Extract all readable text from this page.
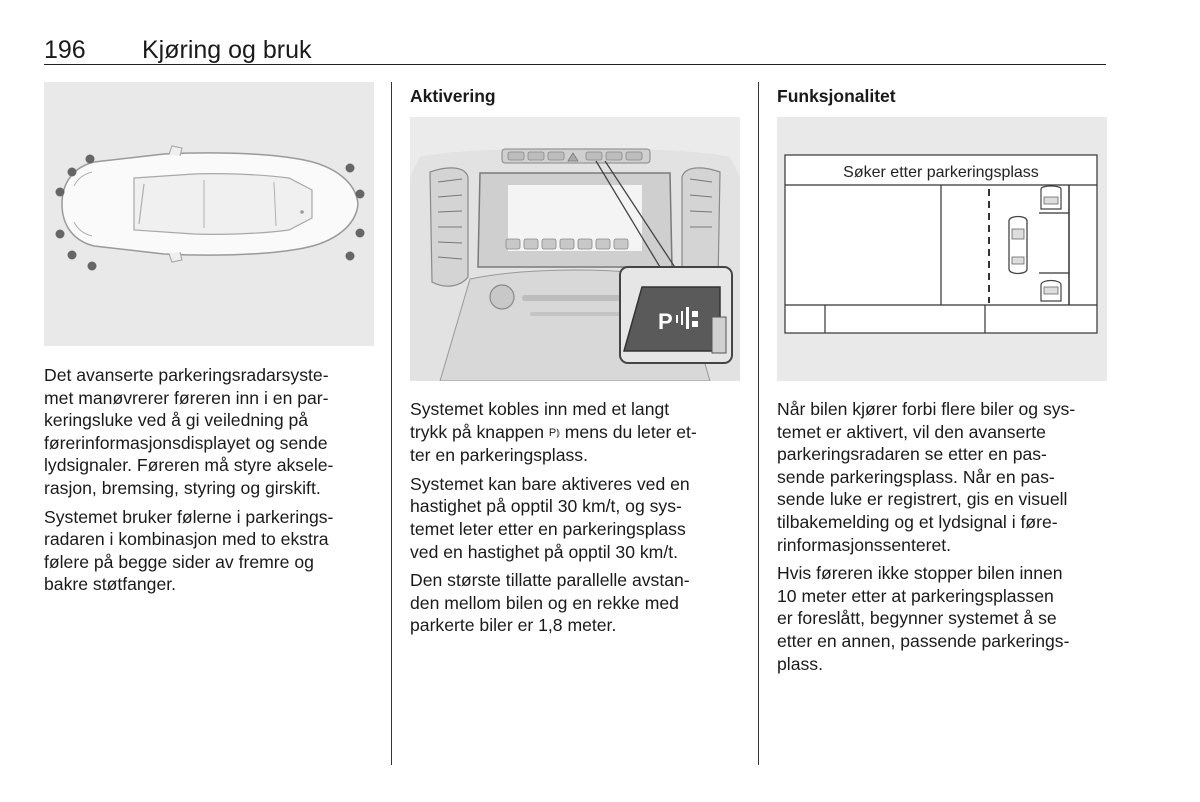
196 Kjøring og bruk

Det avanserte parkeringsradarsyste-
met manøvrerer føreren inn i en par-
keringsluke ved å gi veiledning på
førerinformasjonsdisplayet og sende
lydsignaler. Føreren må styre aksele-
rasjon, bremsing, styring og girskift.

Systemet bruker følerne i parkerings-
radaren i kombinasjon med to ekstra
følere på begge sider av fremre og
bakre støtfanger.

Aktivering
P

Systemet kobles inn med et langt
trykk på knappen P⦆ mens du leter et-
ter en parkeringsplass.

Systemet kan bare aktiveres ved en
hastighet på opptil 30 km/t, og sys-
temet leter etter en parkeringsplass
ved en hastighet på opptil 30 km/t.

Den største tillatte parallelle avstan-
den mellom bilen og en rekke med
parkerte biler er 1,8 meter.

Funksjonalitet
Søker etter parkeringsplass

Når bilen kjører forbi flere biler og sys-
temet er aktivert, vil den avanserte
parkeringsradaren se etter en pas-
sende parkeringsplass. Når en pas-
sende luke er registrert, gis en visuell
tilbakemelding og et lydsignal i føre-
rinformasjonssenteret.

Hvis føreren ikke stopper bilen innen
10 meter etter at parkeringsplassen
er foreslått, begynner systemet å se
etter en annen, passende parkerings-
plass.
